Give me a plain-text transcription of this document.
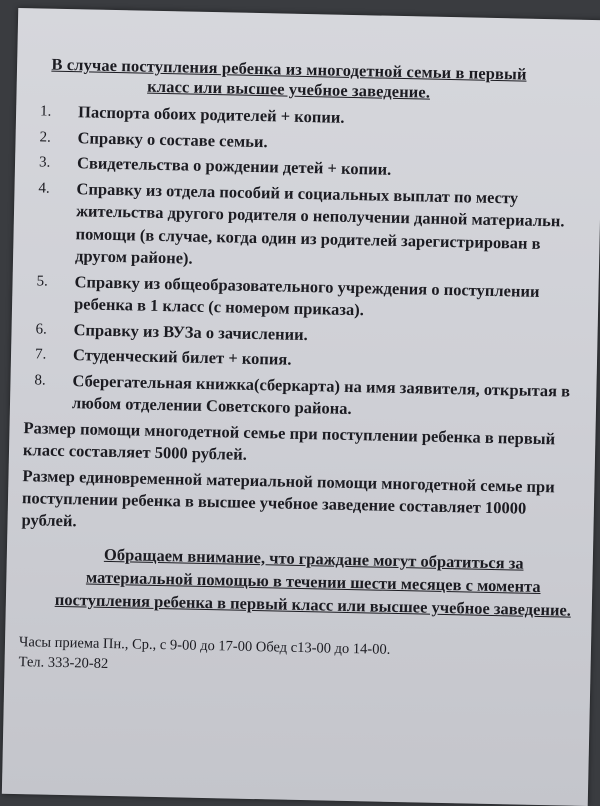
В случае поступления ребенка из многодетной семьи в первый класс или высшее учебное заведение.
1.	Паспорта обоих родителей + копии.
2.	Справку о составе семьи.
3.	Свидетельства о рождении детей + копии.
4.	Справку из отдела пособий и социальных выплат по месту жительства другого родителя о неполучении данной материальн. помощи (в случае, когда один из родителей зарегистрирован в другом районе).
5.	Справку из общеобразовательного учреждения о поступлении ребенка в 1 класс (с номером приказа).
6.	Справку из ВУЗа о зачислении.
7.	Студенческий билет + копия.
8.	Сберегательная книжка(сберкарта) на имя заявителя, открытая в любом отделении Советского района.
Размер помощи многодетной семье при поступлении ребенка в первый класс составляет 5000 рублей.
Размер единовременной материальной помощи многодетной семье при поступлении ребенка в высшее учебное заведение составляет 10000 рублей.
Обращаем внимание, что граждане могут обратиться за материальной помощью в течении шести месяцев с момента поступления ребенка в первый класс или высшее учебное заведение.
Часы приема Пн., Ср., с 9-00 до 17-00 Обед с13-00 до 14-00.
Тел. 333-20-82
